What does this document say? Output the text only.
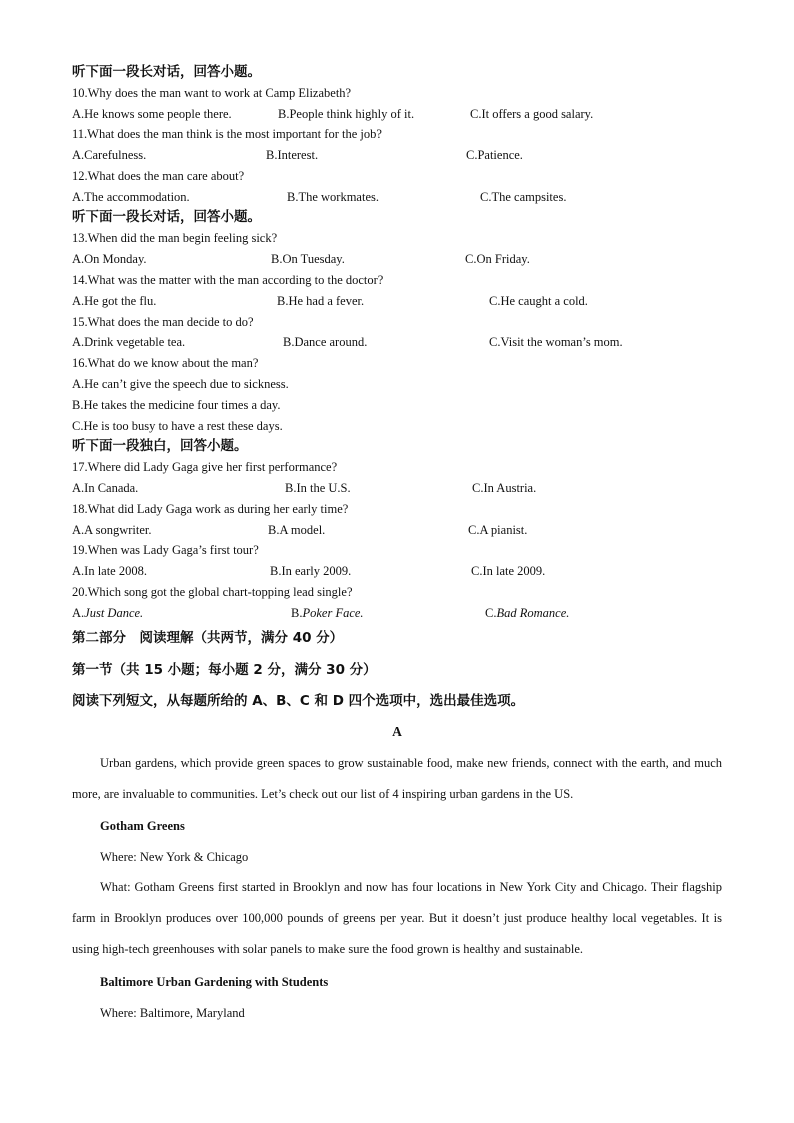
听下面一段长对话，回答小题。
10.Why does the man want to work at Camp Elizabeth?
A.He knows some people there.	B.People think highly of it.	C.It offers a good salary.
11.What does the man think is the most important for the job?
A.Carefulness.	B.Interest.	C.Patience.
12.What does the man care about?
A.The accommodation.	B.The workmates.	C.The campsites.
听下面一段长对话，回答小题。
13.When did the man begin feeling sick?
A.On Monday.	B.On Tuesday.	C.On Friday.
14.What was the matter with the man according to the doctor?
A.He got the flu.	B.He had a fever.	C.He caught a cold.
15.What does the man decide to do?
A.Drink vegetable tea.	B.Dance around.	C.Visit the woman’s mom.
16.What do we know about the man?
A.He can’t give the speech due to sickness.
B.He takes the medicine four times a day.
C.He is too busy to have a rest these days.
听下面一段独白，回答小题。
17.Where did Lady Gaga give her first performance?
A.In Canada.	B.In the U.S.	C.In Austria.
18.What did Lady Gaga work as during her early time?
A.A songwriter.	B.A model.	C.A pianist.
19.When was Lady Gaga’s first tour?
A.In late 2008.	B.In early 2009.	C.In late 2009.
20.Which song got the global chart-topping lead single?
A.Just Dance.	B.Poker Face.	C.Bad Romance.
第二部分　阅读理解（共两节，满分 40 分）
第一节（共 15 小题；每小题 2 分，满分 30 分）
阅读下列短文，从每题所给的 A、B、C 和 D 四个选项中，选出最佳选项。
A
Urban gardens, which provide green spaces to grow sustainable food, make new friends, connect with the earth, and much more, are invaluable to communities. Let’s check out our list of 4 inspiring urban gardens in the US.
Gotham Greens
Where: New York & Chicago
What: Gotham Greens first started in Brooklyn and now has four locations in New York City and Chicago. Their flagship farm in Brooklyn produces over 100,000 pounds of greens per year. But it doesn’t just produce healthy local vegetables. It is using high-tech greenhouses with solar panels to make sure the food grown is healthy and sustainable.
Baltimore Urban Gardening with Students
Where: Baltimore, Maryland
